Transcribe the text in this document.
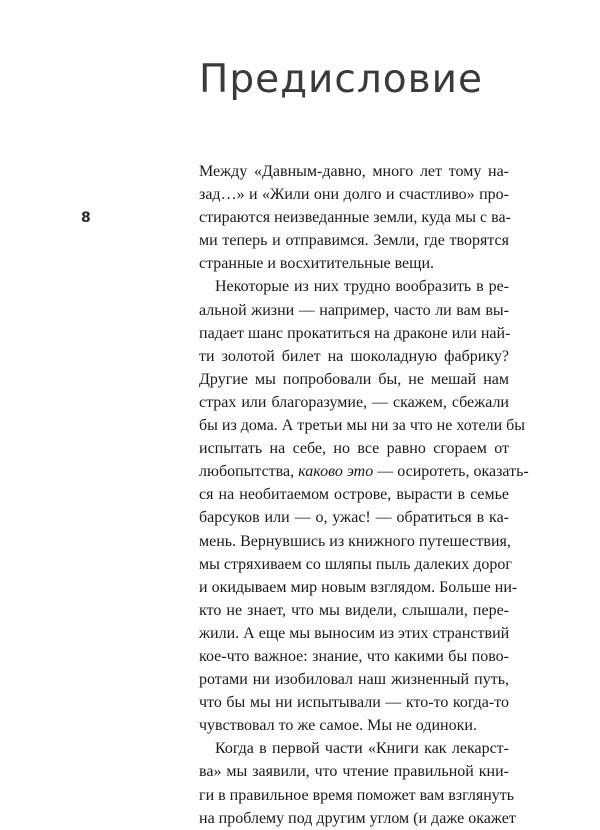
Предисловие
8
Между «Давным-давно, много лет тому на-
зад…» и «Жили они долго и счастливо» про-
стираются неизведанные земли, куда мы с ва-
ми теперь и отправимся. Земли, где творятся
странные и восхитительные вещи.
Некоторые из них трудно вообразить в ре-
альной жизни — например, часто ли вам вы-
падает шанс прокатиться на драконе или най-
ти золотой билет на шоколадную фабрику?
Другие мы попробовали бы, не мешай нам
страх или благоразумие, — скажем, сбежали
бы из дома. А третьи мы ни за что не хотели бы
испытать на себе, но все равно сгораем от
любопытства, каково это — осиротеть, оказать-
ся на необитаемом острове, вырасти в семье
барсуков или — о, ужас! — обратиться в ка-
мень. Вернувшись из книжного путешествия,
мы стряхиваем со шляпы пыль далеких дорог
и окидываем мир новым взглядом. Больше ни-
кто не знает, что мы видели, слышали, пере-
жили. А еще мы выносим из этих странствий
кое-что важное: знание, что какими бы пово-
ротами ни изобиловал наш жизненный путь,
что бы мы ни испытывали — кто-то когда-то
чувствовал то же самое. Мы не одиноки.
Когда в первой части «Книги как лекарст-
ва» мы заявили, что чтение правильной кни-
ги в правильное время поможет вам взглянуть
на проблему под другим углом (и даже окажет
